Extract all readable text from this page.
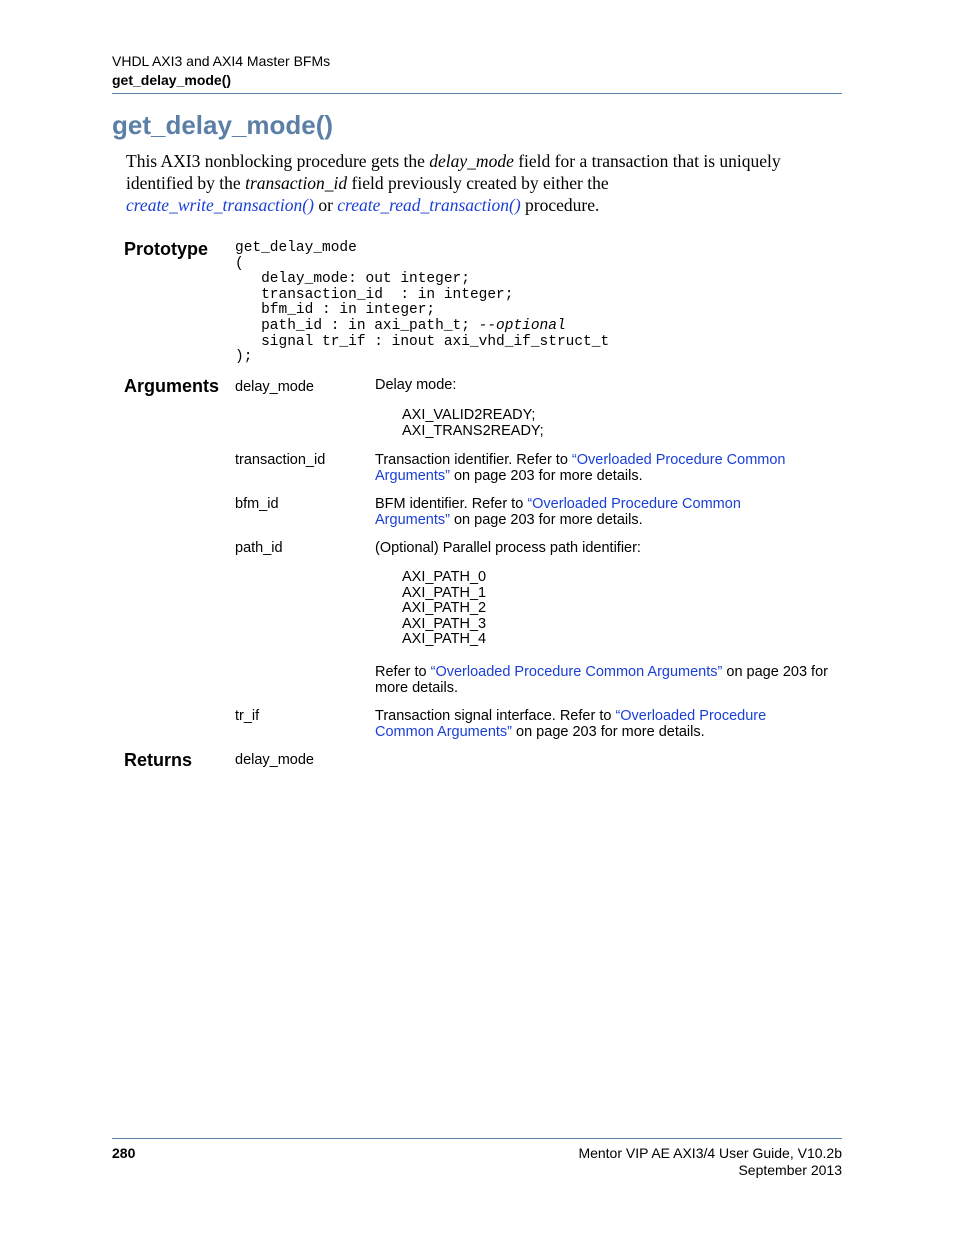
VHDL AXI3 and AXI4 Master BFMs
get_delay_mode()
get_delay_mode()
This AXI3 nonblocking procedure gets the delay_mode field for a transaction that is uniquely identified by the transaction_id field previously created by either the
create_write_transaction() or create_read_transaction() procedure.
Prototype get_delay_mode
(
delay_mode: out integer;
transaction_id  : in integer;
bfm_id : in integer;
path_id : in axi_path_t; --optional
signal tr_if : inout axi_vhd_if_struct_t
);
Arguments delay_mode	Delay mode:
AXI_VALID2READY;
AXI_TRANS2READY;
transaction_id	Transaction identifier. Refer to “Overloaded Procedure Common Arguments” on page 203 for more details.
bfm_id	BFM identifier. Refer to “Overloaded Procedure Common Arguments” on page 203 for more details.
path_id	(Optional) Parallel process path identifier:
AXI_PATH_0
AXI_PATH_1
AXI_PATH_2
AXI_PATH_3
AXI_PATH_4
Refer to “Overloaded Procedure Common Arguments” on page 203 for more details.
tr_if	Transaction signal interface. Refer to “Overloaded Procedure Common Arguments” on page 203 for more details.
Returns	delay_mode
280	Mentor VIP AE AXI3/4 User Guide, V10.2b
September 2013
